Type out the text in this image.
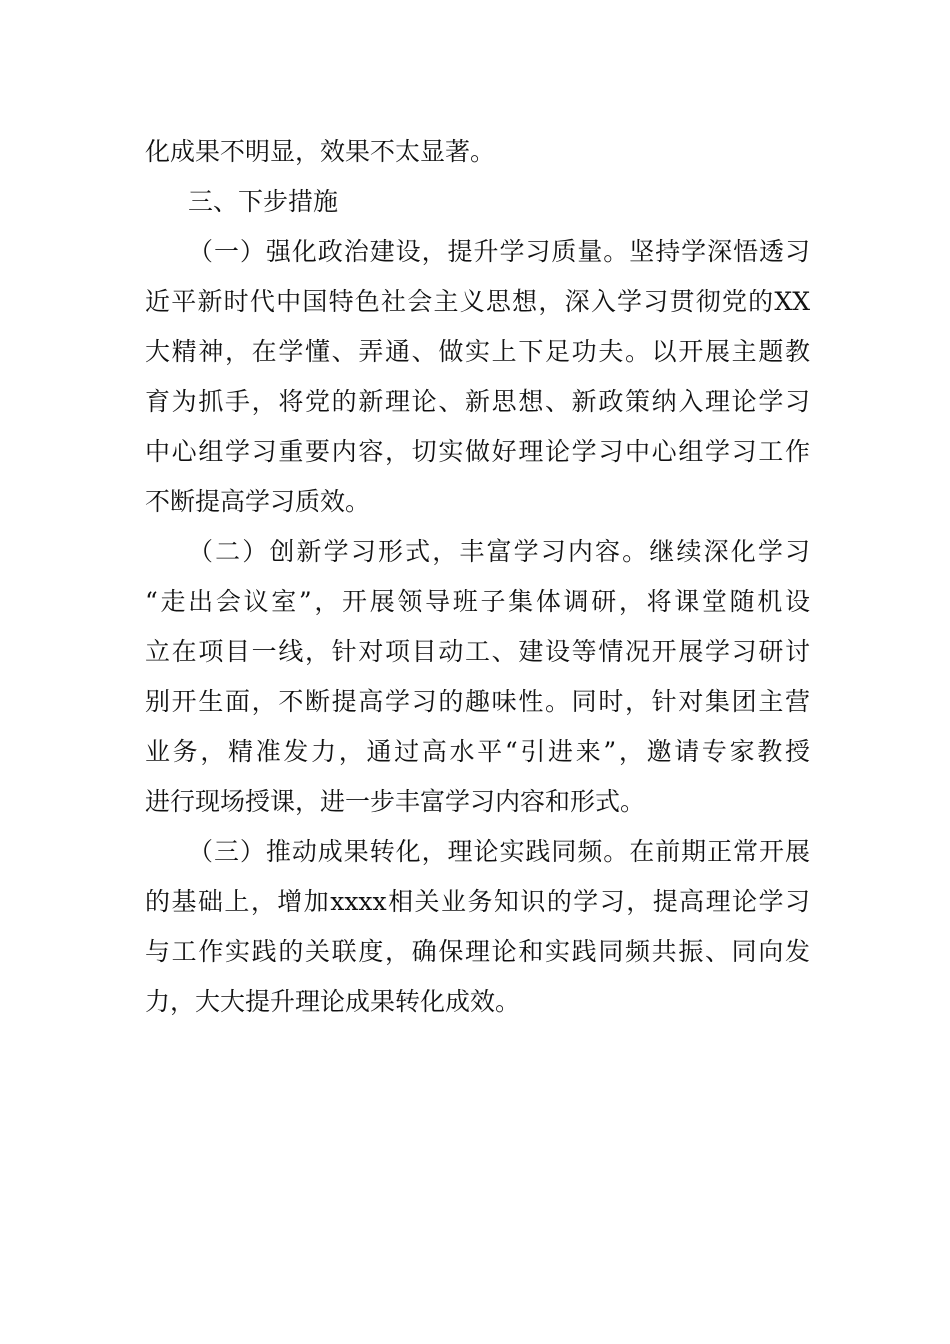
化成果不明显，效果不太显著。
三、下步措施
（一）强化政治建设，提升学习质量。坚持学深悟透习
近平新时代中国特色社会主义思想，深入学习贯彻党的XX
大精神，在学懂、弄通、做实上下足功夫。以开展主题教
育为抓手，将党的新理论、新思想、新政策纳入理论学习
中心组学习重要内容，切实做好理论学习中心组学习工作
不断提高学习质效。
（二）创新学习形式，丰富学习内容。继续深化学习
“走出会议室”，开展领导班子集体调研，将课堂随机设
立在项目一线，针对项目动工、建设等情况开展学习研讨
别开生面，不断提高学习的趣味性。同时，针对集团主营
业务，精准发力，通过高水平“引进来”，邀请专家教授
进行现场授课，进一步丰富学习内容和形式。
（三）推动成果转化，理论实践同频。在前期正常开展
的基础上，增加xxxx相关业务知识的学习，提高理论学习
与工作实践的关联度，确保理论和实践同频共振、同向发
力，大大提升理论成果转化成效。
